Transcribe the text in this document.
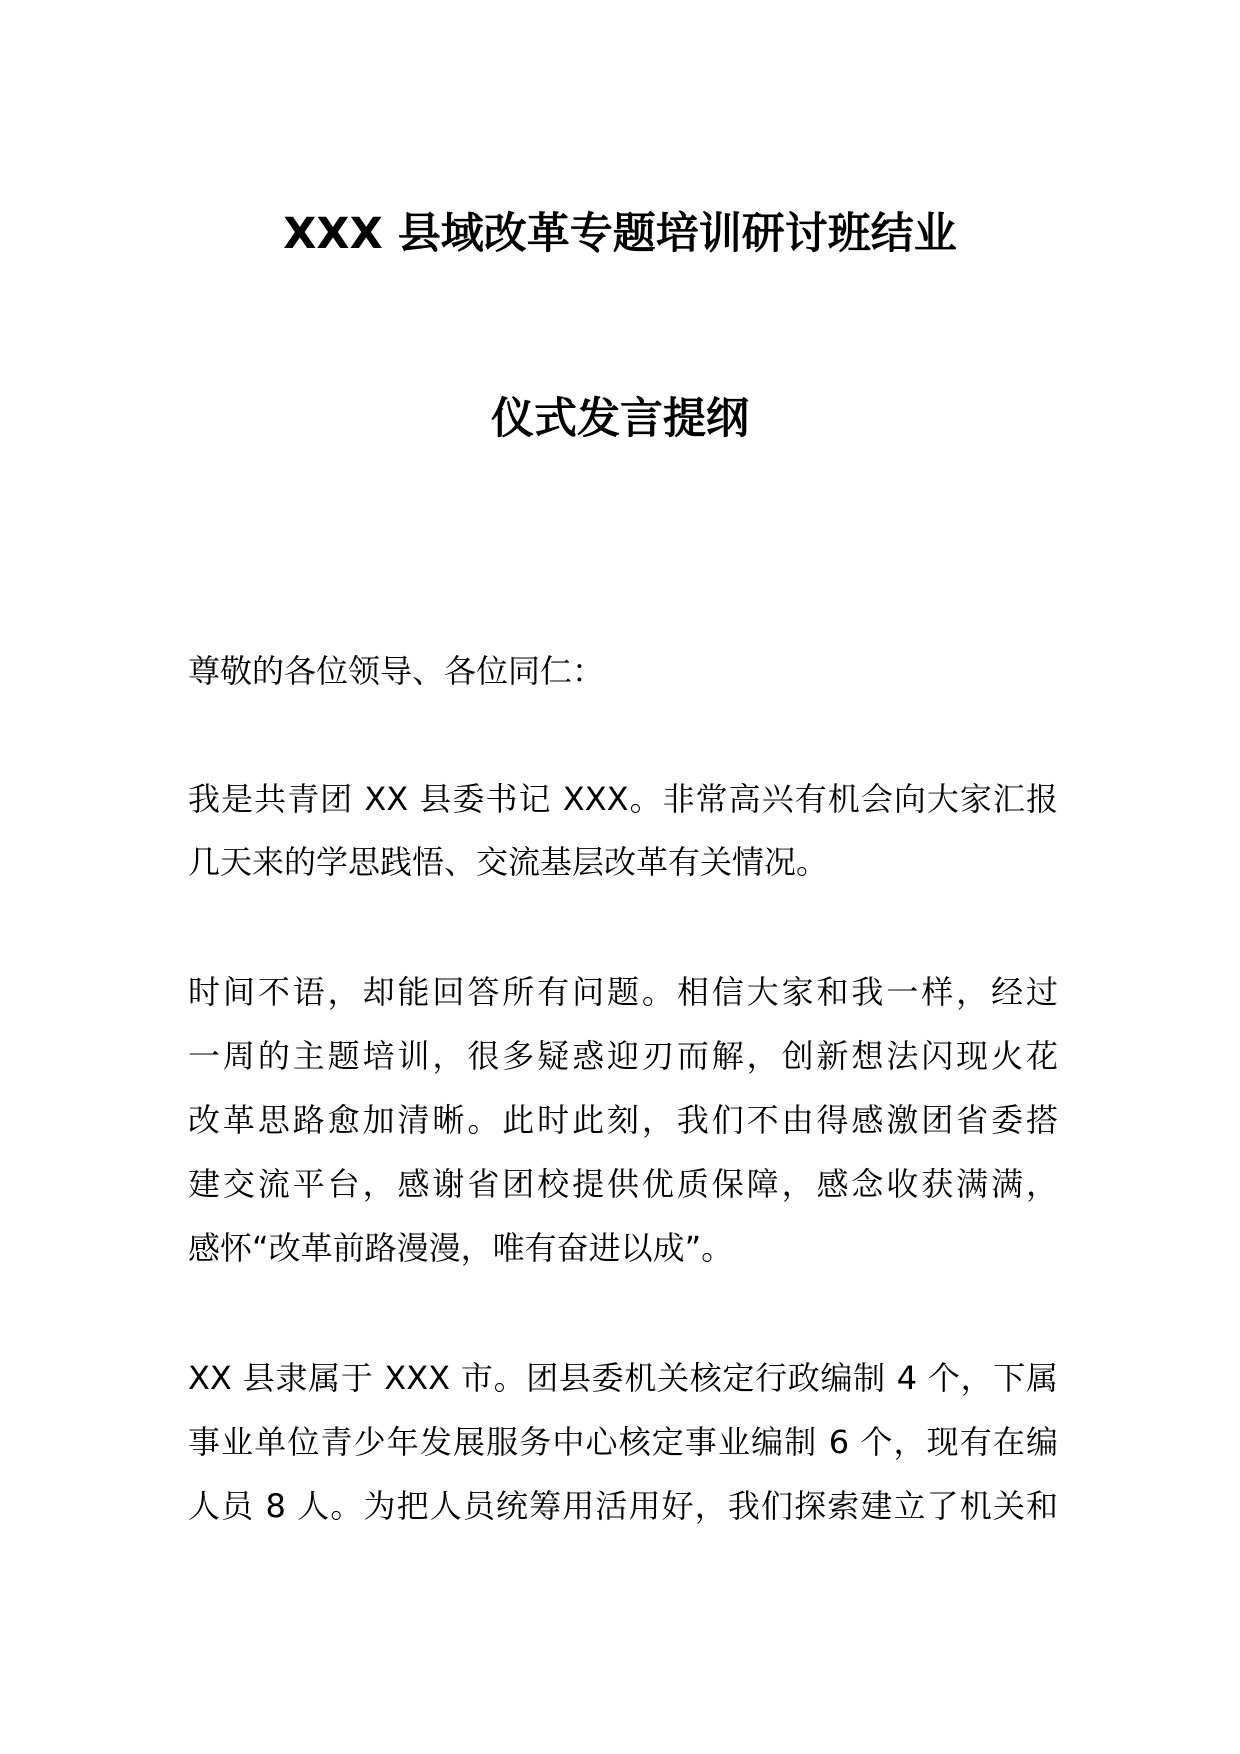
XXX 县域改革专题培训研讨班结业
仪式发言提纲
尊敬的各位领导、各位同仁：
我是共青团 XX 县委书记 XXX。非常高兴有机会向大家汇报
几天来的学思践悟、交流基层改革有关情况。
时间不语，却能回答所有问题。相信大家和我一样，经过
一周的主题培训，很多疑惑迎刃而解，创新想法闪现火花
改革思路愈加清晰。此时此刻，我们不由得感激团省委搭
建交流平台，感谢省团校提供优质保障，感念收获满满，
感怀“改革前路漫漫，唯有奋进以成”。
XX 县隶属于 XXX 市。团县委机关核定行政编制 4 个，下属
事业单位青少年发展服务中心核定事业编制 6 个，现有在编
人员 8 人。为把人员统筹用活用好，我们探索建立了机关和
